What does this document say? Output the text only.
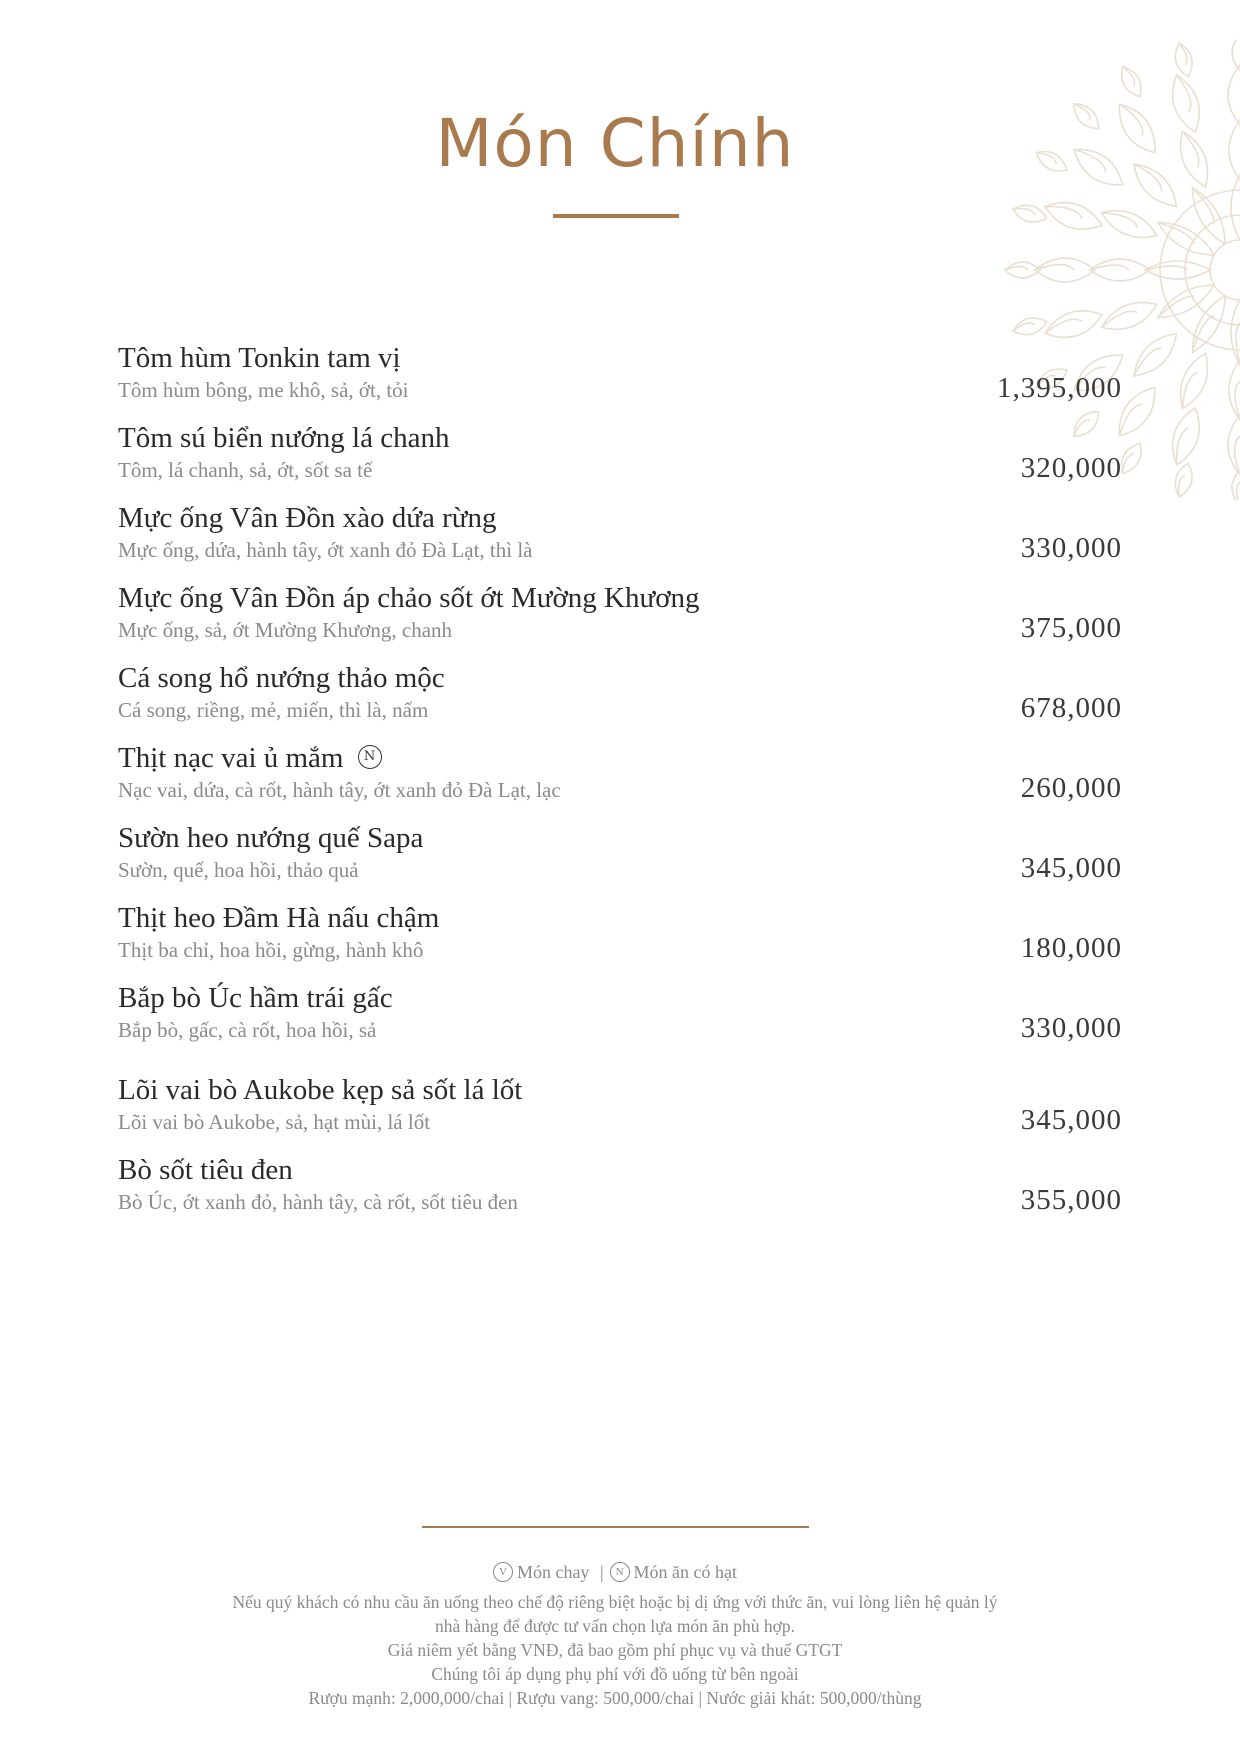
Món Chính
Tôm hùm Tonkin tam vị
Tôm hùm bông, me khô, sả, ớt, tỏi	1,395,000
Tôm sú biển nướng lá chanh
Tôm, lá chanh, sả, ớt, sốt sa tế	320,000
Mực ống Vân Đồn xào dứa rừng
Mực ống, dứa, hành tây, ớt xanh đỏ Đà Lạt, thì là	330,000
Mực ống Vân Đồn áp chảo sốt ớt Mường Khương
Mực ống, sả, ớt Mường Khương, chanh	375,000
Cá song hổ nướng thảo mộc
Cá song, riềng, mẻ, miến, thì là, nấm	678,000
Thịt nạc vai ủ mắm N
Nạc vai, dứa, cà rốt, hành tây, ớt xanh đỏ Đà Lạt, lạc	260,000
Sườn heo nướng quế Sapa
Sườn, quế, hoa hồi, thảo quả	345,000
Thịt heo Đầm Hà nấu chậm
Thịt ba chỉ, hoa hồi, gừng, hành khô	180,000
Bắp bò Úc hầm trái gấc
Bắp bò, gấc, cà rốt, hoa hồi, sả	330,000
Lõi vai bò Aukobe kẹp sả sốt lá lốt
Lõi vai bò Aukobe, sả, hạt mùi, lá lốt	345,000
Bò sốt tiêu đen
Bò Úc, ớt xanh đỏ, hành tây, cà rốt, sốt tiêu đen	355,000
V Món chay | N Món ăn có hạt

Nếu quý khách có nhu cầu ăn uống theo chế độ riêng biệt hoặc bị dị ứng với thức ăn, vui lòng liên hệ quản lý

nhà hàng để được tư vấn chọn lựa món ăn phù hợp.

Giá niêm yết bằng VNĐ, đã bao gồm phí phục vụ và thuế GTGT

Chúng tôi áp dụng phụ phí với đồ uống từ bên ngoài

Rượu mạnh: 2,000,000/chai | Rượu vang: 500,000/chai | Nước giải khát: 500,000/thùng
